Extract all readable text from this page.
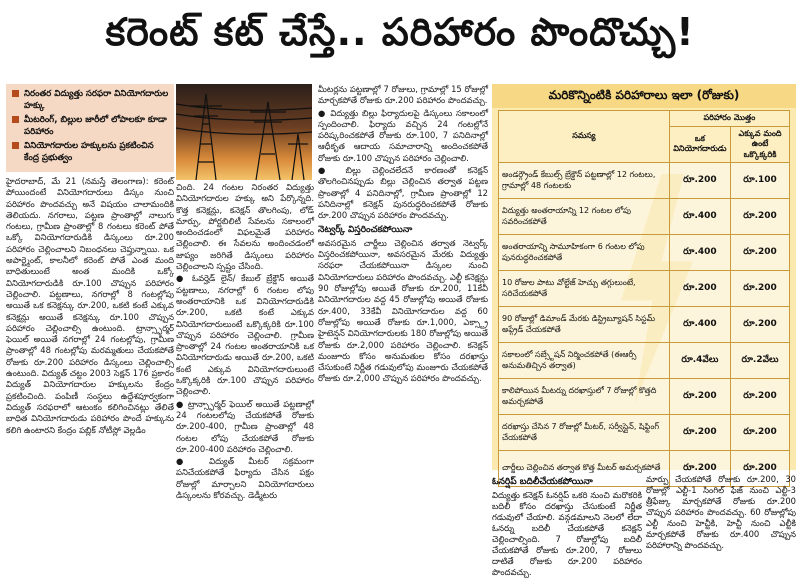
కరెంట్ కట్ చేస్తే.. పరిహారం పొందొచ్చు!
నిరంతర విద్యుత్తు సరఫరా వినియోగదారుల హక్కు
మీటరింగ్, బిల్లుల జారీలో లోపాలకూ కూడా పరిహారం
వినియోగదారుల హక్కులను ప్రకటించిన కేంద్ర ప్రభుత్వం

హైదరాబాద్, మే 21 (నమస్తే తెలంగాణ): కరెంట్ పోయిందంటే వినియోగదారులు డిస్కం నుంచి పరిహారం పొందవచ్చు అనే విషయం చాలామందికి తెలియదు. నగరాలు, పట్టణ ప్రాంతాల్లో నాలుగు గంటలు, గ్రామీణ ప్రాంతాల్లో 8 గంటలు కరెంట్ పోతే ఒక్కో వినియోగదారుడికి డిస్కంలు రూ.200 పరిహారం చెల్లించాలని నిబంధనలు చెప్తున్నాయి. ఒక అపార్ట్మెంట్, కాలనీలో కరెంట్ పోతే ఎంత మంది బాధితులుంటే అంత మందికి ఒక్కో వినియోగదారుడికి రూ.100 చొప్పున పరిహారం చెల్లించాలి. పట్టణాలు, నగరాల్లో 8 గంటల్లోపు అయితే ఒక కనెక్షన్కు రూ.200, ఒకటి కంటే ఎక్కువ కనెక్షన్లు అయితే కనెక్షన్కు రూ.100 చొప్పున పరిహారం చెల్లించాల్సి ఉంటుంది. ట్రాన్స్ఫార్మర్ ఫెయిల్ అయితే నగరాల్లో 24 గంటల్లోపు, గ్రామీణ ప్రాంతాల్లో 48 గంటల్లోపు మరమ్మతులు చేయకపోతే రోజుకు రూ.200 పరిహారం డిస్కంలు చెల్లించాల్సి ఉంటుంది. విద్యుత్ చట్టం 2003 సెక్షన్ 176 ప్రకారం విద్యుత్ వినియోగదారుల హక్కులను కేంద్రం ప్రకటించింది. పంపిణీ సంస్థలు ఉద్దేశపూర్వకంగా విద్యుత్ సరఫరాలో ఆటంకం కలిగించినట్లు తేలితే బాధిత వినియోగదారుడు పరిహారం పొందే హక్కును కలిగి ఉంటారని కేంద్రం పబ్లిక్ నోటీస్లో వెల్లడిం

చింది. 24 గంటల నిరంతర విద్యుత్తు వినియోగదారుల హక్కు అని పేర్కొన్నది. కొత్త కనెక్షన్లు, కనెక్షన్ తొలగింపు, లోడ్ మార్పు, పోర్టబిలిటీ సేవలను సకాలంలో అందించడంలో విఫలమైతే పరిహారం చెల్లించాలి. ఈ సేవలను అందించడంలో జాప్యం జరిగితే డిస్కంలు పరిహారం చెల్లించాలని స్పష్టం చేసింది.

● ఓవర్హెడ్ లైన్/ కేబుల్ బ్రేక్డౌన్ అయితే పట్టణాలు, నగరాల్లో 6 గంటల లోపు అంతరాయానికి ఒక వినియోగదారుడికి రూ.200, ఒకటి కంటే ఎక్కువ వినియోగదారులుంటే ఒక్కొక్కరికి రూ.100 చొప్పున పరిహారం చెల్లించాలి. గ్రామీణ ప్రాంతాల్లో 24 గంటల అంతరాయానికి ఒక వినియోగదారుడు అయితే రూ.200, ఒకటి కంటే ఎక్కువ వినియోగదారులుంటే ఒక్కొక్కరికి రూ.100 చొప్పున పరిహారం చెల్లించాలి.

● ట్రాన్స్ఫార్మర్ ఫెయిల్ అయితే పట్టణాల్లో 24 గంటలలోపు చేయకపోతే రోజుకు రూ.200-400, గ్రామీణ ప్రాంతాల్లో 48 గంటల లోపు చేయకపోతే రోజుకు రూ.200-400 పరిహారం చెల్లించాలి.

● విద్యుత్ మీటర్ సక్రమంగా పనిచేయకపోతే ఫిర్యాదు చేసిన పక్షం రోజుల్లో మార్చాలని వినియోగదారులు డిస్కంలను కోరవచ్చు. డెడ్మీటరు

మీటర్లను పట్టణాల్లో 7 రోజులు, గ్రామాల్లో 15 రోజుల్లో మార్చకపోతే రోజుకు రూ.200 పరిహారం పొందవచ్చు.

● విద్యుత్తు బిల్లు ఫిర్యాదులపై డిస్కంలు సకాలంలో స్పందించాలి. ఫిర్యాదు వచ్చిన 24 గంటల్లోనే పరిష్కరించకపోతే రోజుకు రూ.100, 7 పనిదినాల్లో ఆధీకృత ఆదాయ సమాచారాన్ని అందించకపోతే రోజుకు రూ.100 చొప్పున పరిహారం చెల్లించాలి.

● బిల్లు చెల్లించలేదనే కారణంతో కనెక్షన్ తొలగించినప్పుడు బిల్లు చెల్లించిన తర్వాత పట్టణ ప్రాంతాల్లో 4 పనిదినాల్లో, గ్రామీణ ప్రాంతాల్లో 12 పనిదినాల్లో కనెక్షన్ పునరుద్ధరించకపోతే రోజుకు రూ.200 చొప్పున పరిహారం పొందవచ్చు.

నెట్వర్క్ విస్తరించకపోయినా

అవసరమైన చార్జీలు చెల్లించిన తర్వాత నెట్వర్క్ విస్తరించకపోయినా, అవసరమైన మేరకు విద్యుత్తు సరఫరా చేయకపోయినా డిస్కంల నుంచి వినియోగదారులు పరిహారం పొందవచ్చు. ఎల్టీ కనెక్షన్లు 90 రోజుల్లోపు అయితే రోజుకు రూ.200, 11కేవీ వినియోగదారుల వద్ద 45 రోజుల్లోపు అయితే రోజుకు రూ.400, 33కేవీ వినియోగదారుల వద్ద 60 రోజుల్లోపు అయితే రోజుకు రూ.1,000, ఎక్స్ట్రా హైటెన్షన్ వినియోగదారులకు 180 రోజుల్లోపు అయితే రోజుకు రూ.2,000 పరిహారం చెల్లించాలి. కనెక్షన్ మంజూరు కోసం అనుమతుల కోసం దరఖాస్తు చేసుకుంటే నిర్ణీత గడువులోపు మంజూరు చేయకపోతే రోజుకు రూ.2,000 చొప్పున పరిహారం పొందవచ్చు.

మరికొన్నింటికి పరిహారాలు ఇలా (రోజుకు)
సమస్య	పరిహారం మొత్తం	
	ఒక వినియోగదారుడు	ఎక్కువ మంది ఉంటే ఒక్కొక్కరికి
అండర్గ్రౌండ్ కేబుల్స్ బ్రేక్డౌన్ పట్టణాల్లో 12 గంటలు, గ్రామాల్లో 48 గంటలకు	రూ.200	రూ.100
విద్యుత్తు అంతరాయాన్ని 12 గంటల లోపు సవరించకపోతే	రూ.400	రూ.200
అంతరాయాన్ని సామూహికంగా 6 గంటల లోపు పునరుద్ధరించకపోతే	రూ.400	రూ.200
10 రోజుల పాటు వోల్టేజ్ హెచ్చు తగ్గులుంటే, సరిచేయకపోతే	రూ.200	రూ.200
90 రోజుల్లో డిమాండ్ మేరకు డిస్ట్రిబ్యూషన్ సిస్టమ్ అప్గ్రేడ్ చేయకపోతే	రూ.400	రూ.200
సకాలంలో సబ్స్టేషన్ నిర్మించకపోతే (ఈఆర్సీ అనుమతిచ్చిన తర్వాత)	రూ.4వేలు	రూ.2వేలు
కాలిపోయిన మీటర్ను దరఖాస్తులో 7 రోజుల్లో కొత్తది అమర్చకపోతే	రూ.200	రూ.200
దరఖాస్తు చేసిన 7 రోజుల్లో మీటర్, సర్వీస్లైన్, షిఫ్టింగ్ చేయకపోతే	రూ.200	రూ.200
చార్జీలు చెల్లించిన తర్వాత కొత్త మీటర్ అమర్చకపోతే	రూ.200	రూ.200
ఓనర్షిప్ బదిలీచేయకపోయినా

విద్యుత్తు కనెక్షన్ ఓనర్షిప్ ఒకరి నుంచి మరొకరికి బదిలీ కోసం దరఖాస్తు చేసుకుంటే నిర్ణీత గడువులో చేయాలి. వన్గడమాలని నెలలో లేదా ఓనర్ను బదిలీ చేయకపోతే కనెక్షన్ చెల్లించాల్సింది. 7 రోజుల్లోపు బదిలీ చేయకపోతే రోజుకు రూ.200, 7 రోజులు దాటితే రోజుకు రూ.200 పరిహారం పొందవచ్చు.

మార్పు చేయకపోతే రోజుకు రూ.200, 30 రోజుల్లో ఎల్టీ-1 సింగిల్ ఫేజ్ నుంచి ఎల్టీ-3 త్రీఫేజ్కు మార్చకపోతే రోజుకు రూ.200 చొప్పున పరిహారం పొందవచ్చు. 60 రోజుల్లోపు ఎల్టీ నుంచి హెచ్టీకి, హెచ్టీ నుంచి ఎల్టీకి మార్చకపోతే రోజుకు రూ.400 చొప్పున పరిహారాన్ని పొందవచ్చు.
